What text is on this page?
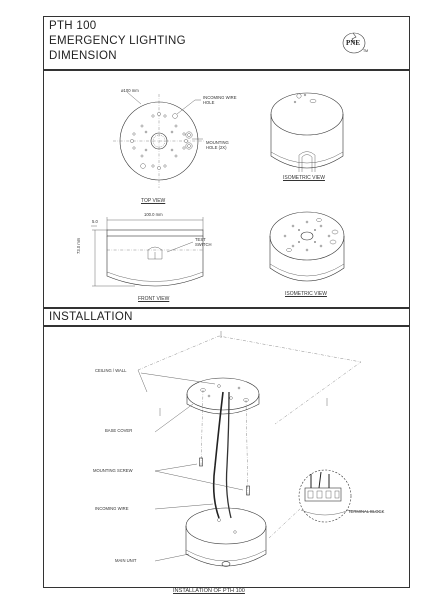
PTH 100
EMERGENCY LIGHTING
DIMENSION
PNE
TM
ø100 mm
INCOMING WIRE HOLE
MOUNTING HOLE (2X)
TOP VIEW
ISOMETRIC VIEW
100.0 mm
5.0
73.0 mm	TEST SWITCH
FRONT VIEW
ISOMETRIC VIEW
INSTALLATION
CEILING / WALL
BASE COVER
MOUNTING SCREW
INCOMING WIRE
MAIN UNIT
TERMINAL BLOCK
INSTALLATION OF PTH 100
